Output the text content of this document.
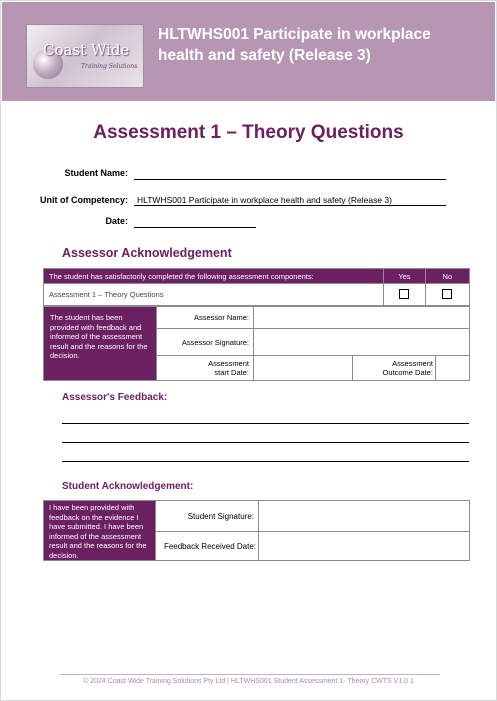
Coast Wide
Training Solutions
HLTWHS001 Participate in workplace health and safety (Release 3)
Assessment 1 – Theory Questions
Student Name:
Unit of Competency: HLTWHS001 Participate in workplace health and safety (Release 3)
Date:
Assessor Acknowledgement
The student has satisfactorily completed the following assessment components:	Yes	No
Assessment 1 – Theory Questions		
The student has been provided with feedback and informed of the assessment result and the reasons for the decision.	Assessor Name:			
	Assessor Signature:			
	Assessment
start Date:		Assessment
Outcome Date:	
Assessor's Feedback:
Student Acknowledgement:
I have been provided with feedback on the evidence I have submitted. I have been informed of the assessment result and the reasons for the decision.	Student Signature:	
	Feedback Received Date:	
© 2024 Coast Wide Training Solutions Pty Ltd | HLTWHS001 Student Assessment 1- Theory CWTS V1.0 1
